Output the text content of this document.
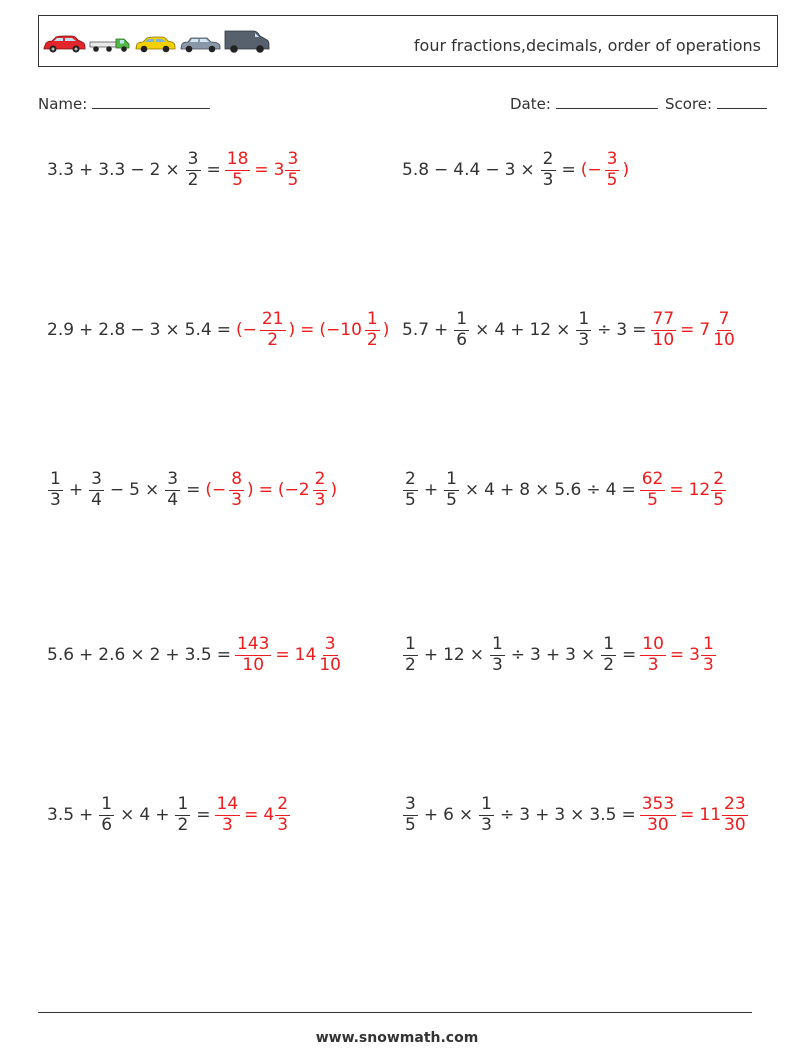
four fractions,decimals, order of operations
Name:	Date:	Score:
$3.3 + 3.3 - 2 \times \frac{3}{2} = \frac{18}{5} = 3 \frac{3}{5}$	$5.8 - 4.4 - 3 \times \frac{2}{3}$ = (− $\frac{3}{5}$ )
2.9 + 2.8 − 3 × 5.4 = (− $\frac{21}{2}$ ) = ($-10 \frac{1}{2}$ ) $5.7 + \frac{1}{6} \times 4 + 12 \times \frac{1}{3} \div 3 = \frac{77}{10} = 7 \frac{7}{10}$
$\frac{1}{3} + \frac{3}{4} - 5 \times \frac{3}{4}$ = (− $\frac{8}{3}$ ) = ($-2 \frac{2}{3}$ )	$\frac{2}{5} + \frac{1}{5} \times 4 + 8 \times 5.6 \div 4 = \frac{62}{5} = 12 \frac{2}{5}$
$5.6 + 2.6 \times 2 + 3.5 = \frac{143}{10} = 14 \frac{3}{10}$	$\frac{1}{2} + 12 \times \frac{1}{3} \div 3 + 3 \times \frac{1}{2} = \frac{10}{3} = 3 \frac{1}{3}$
$3.5 + \frac{1}{6} \times 4 + \frac{1}{2} = \frac{14}{3} = 4 \frac{2}{3}$	$\frac{3}{5} + 6 \times \frac{1}{3} \div 3 + 3 \times 3.5 = \frac{353}{30} = 11 \frac{23}{30}$
www.snowmath.com
